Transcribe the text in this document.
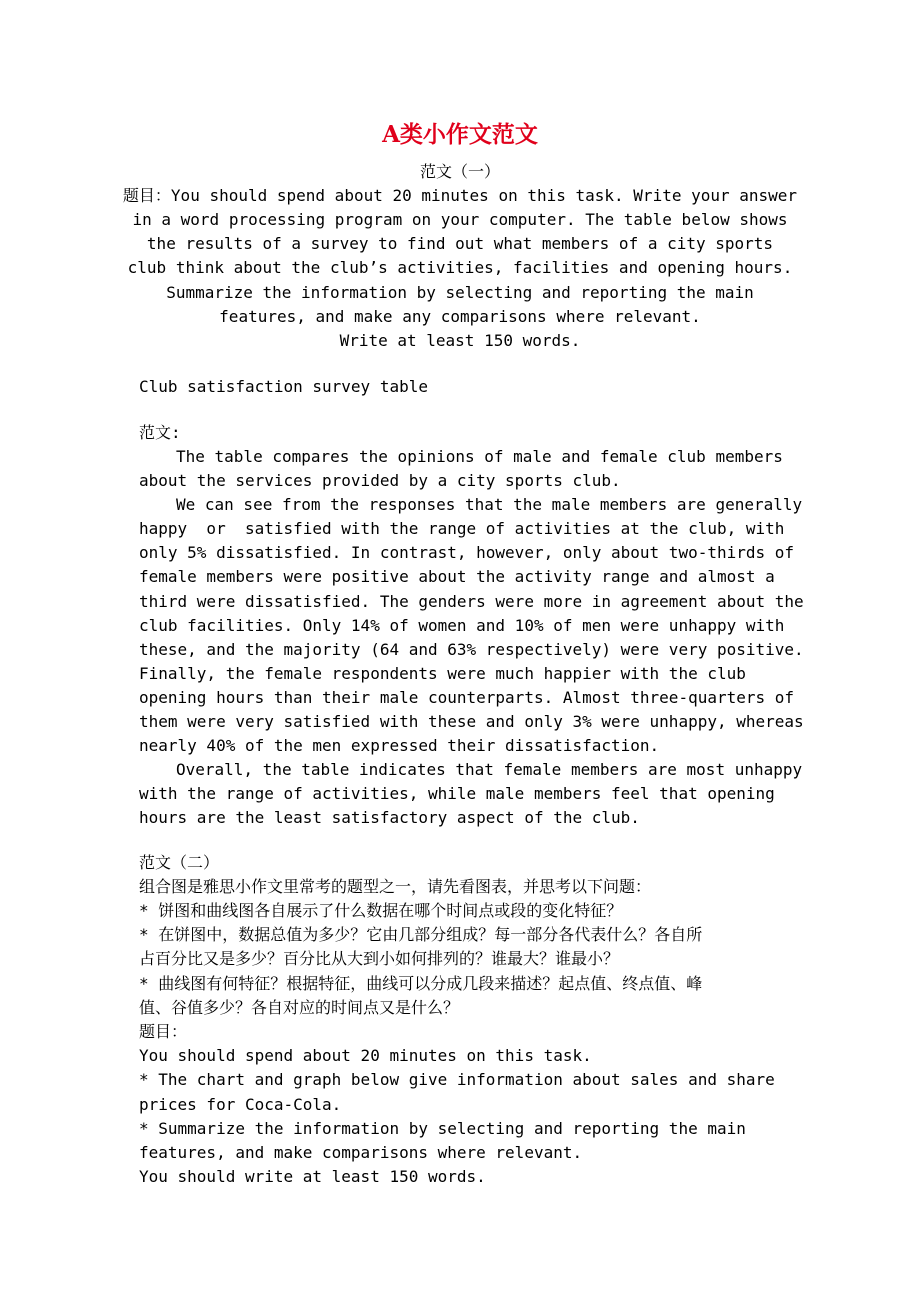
A类小作文范文
范文（一）
题目：You should spend about 20 minutes on this task. Write your answer
in a word processing program on your computer. The table below shows
the results of a survey to find out what members of a city sports
club think about the club’s activities, facilities and opening hours.
Summarize the information by selecting and reporting the main
features, and make any comparisons where relevant.
Write at least 150 words.
Club satisfaction survey table
范文:
The table compares the opinions of male and female club members
about the services provided by a city sports club.
We can see from the responses that the male members are generally
happy  or  satisfied with the range of activities at the club, with
only 5% dissatisfied. In contrast, however, only about two-thirds of
female members were positive about the activity range and almost a
third were dissatisfied. The genders were more in agreement about the
club facilities. Only 14% of women and 10% of men were unhappy with
these, and the majority (64 and 63% respectively) were very positive.
Finally, the female respondents were much happier with the club
opening hours than their male counterparts. Almost three-quarters of
them were very satisfied with these and only 3% were unhappy, whereas
nearly 40% of the men expressed their dissatisfaction.
Overall, the table indicates that female members are most unhappy
with the range of activities, while male members feel that opening
hours are the least satisfactory aspect of the club.
范文（二）
组合图是雅思小作文里常考的题型之一，请先看图表，并思考以下问题：
* 饼图和曲线图各自展示了什么数据在哪个时间点或段的变化特征？
* 在饼图中，数据总值为多少？它由几部分组成？每一部分各代表什么？各自所
占百分比又是多少？百分比从大到小如何排列的？谁最大？谁最小？
* 曲线图有何特征？根据特征，曲线可以分成几段来描述？起点值、终点值、峰
值、谷值多少？各自对应的时间点又是什么？
题目：
You should spend about 20 minutes on this task.
* The chart and graph below give information about sales and share
prices for Coca-Cola.
* Summarize the information by selecting and reporting the main
features, and make comparisons where relevant.
You should write at least 150 words.
